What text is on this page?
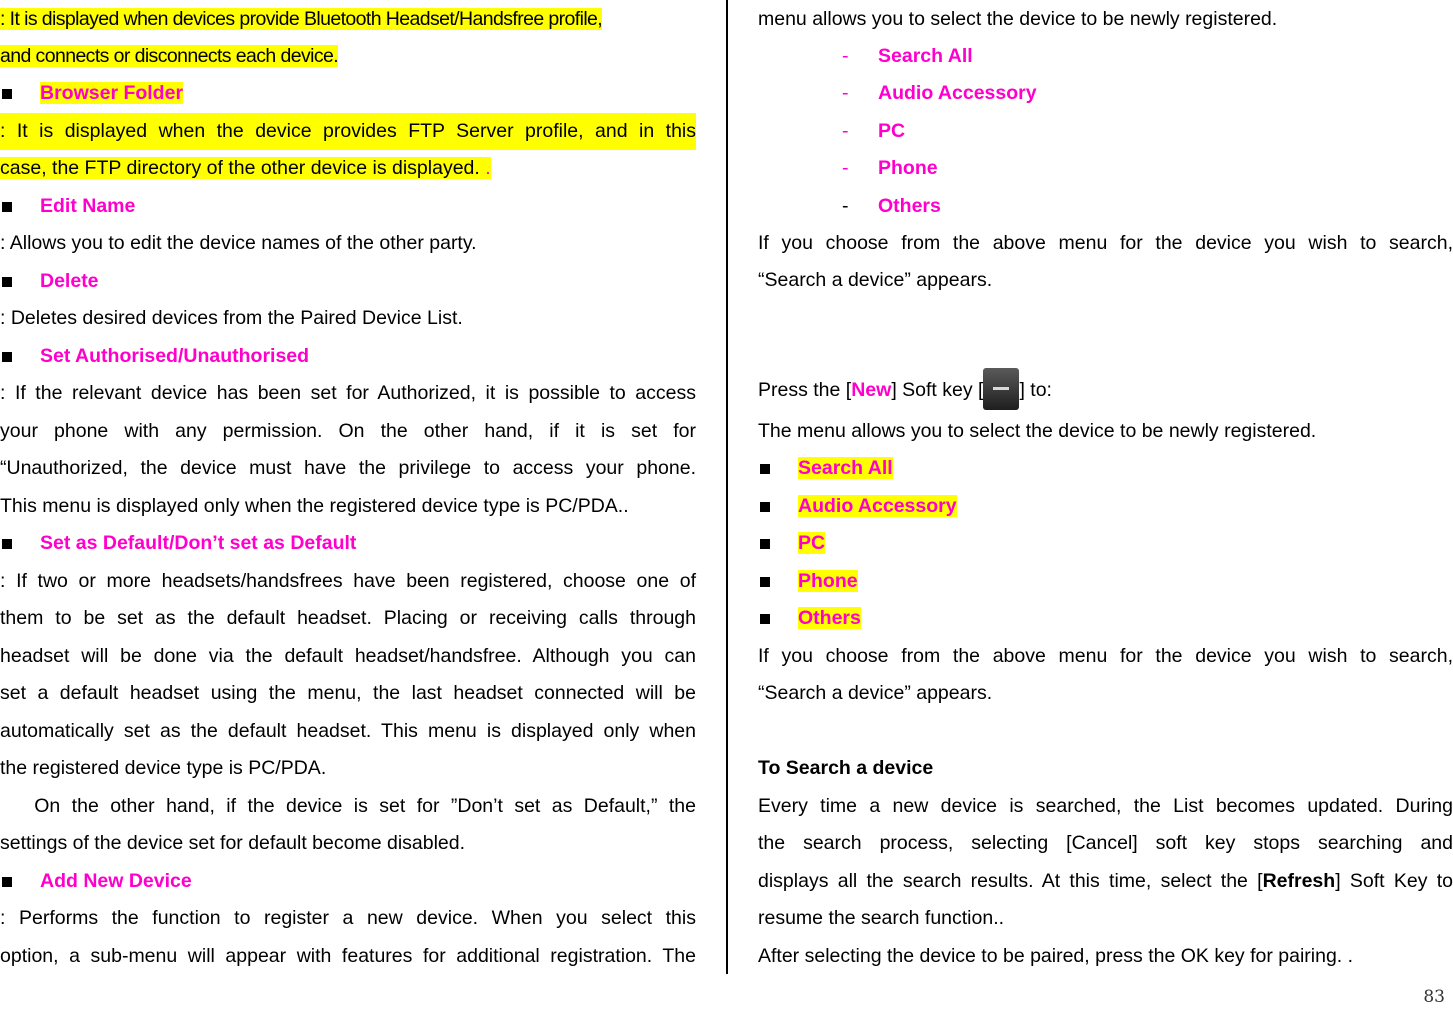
: It is displayed when devices provide Bluetooth Headset/Handsfree profile,
and connects or disconnects each device.
Browser Folder
: It is displayed when the device provides FTP Server profile, and in this
case, the FTP directory of the other device is displayed. .
Edit Name
: Allows you to edit the device names of the other party.
Delete
: Deletes desired devices from the Paired Device List.
Set Authorised/Unauthorised
: If the relevant device has been set for Authorized, it is possible to access
your phone with any permission. On the other hand, if it is set for
“Unauthorized, the device must have the privilege to access your phone.
This menu is displayed only when the registered device type is PC/PDA..
Set as Default/Don’t set as Default
: If two or more headsets/handsfrees have been registered, choose one of
them to be set as the default headset. Placing or receiving calls through
headset will be done via the default headset/handsfree. Although you can
set a default headset using the menu, the last headset connected will be
automatically set as the default headset. This menu is displayed only when
the registered device type is PC/PDA.
On the other hand, if the device is set for ”Don’t set as Default,” the
settings of the device set for default become disabled.
Add New Device
: Performs the function to register a new device. When you select this
option, a sub-menu will appear with features for additional registration. The
menu allows you to select the device to be newly registered.
- Search All
- Audio Accessory
- PC
- Phone
- Others
If you choose from the above menu for the device you wish to search,
“Search a device” appears.
Press the [New] Soft key [ ] to:
The menu allows you to select the device to be newly registered.
Search All
Audio Accessory
PC
Phone
Others
If you choose from the above menu for the device you wish to search,
“Search a device” appears.
To Search a device
Every time a new device is searched, the List becomes updated. During
the search process, selecting [Cancel] soft key stops searching and
displays all the search results. At this time, select the [Refresh] Soft Key to
resume the search function..
After selecting the device to be paired, press the OK key for pairing. .
83
